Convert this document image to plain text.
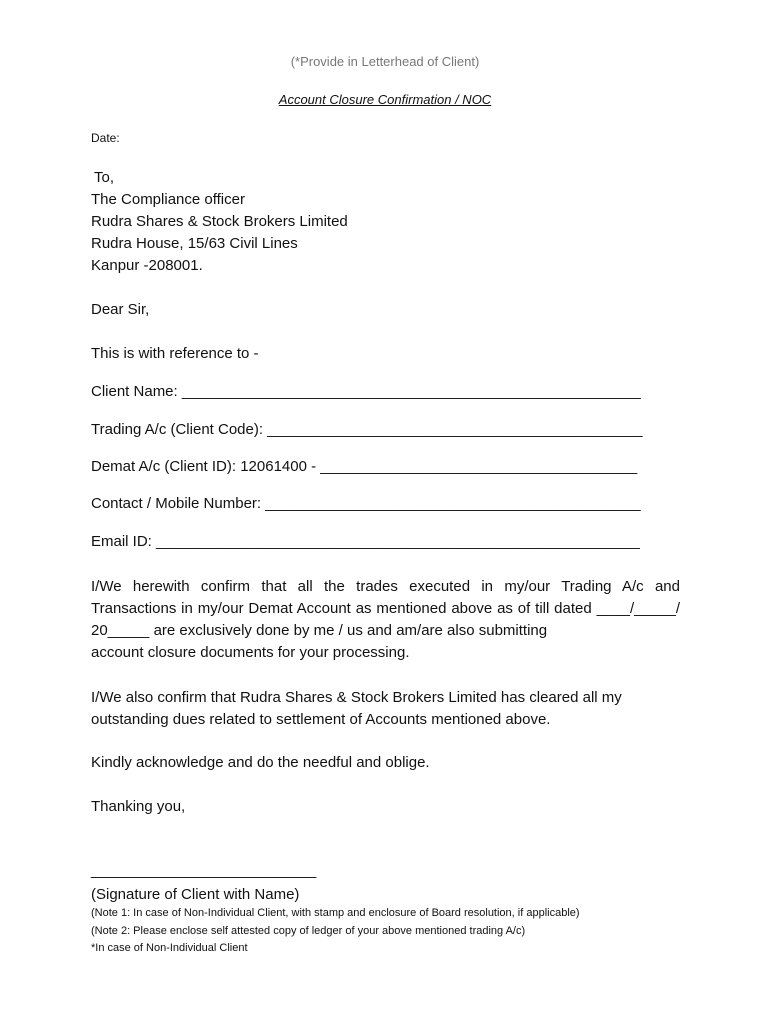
(*Provide in Letterhead of Client)
Account Closure Confirmation / NOC
Date:
To,
The Compliance officer
Rudra Shares & Stock Brokers Limited
Rudra House, 15/63 Civil Lines
Kanpur -208001.
Dear Sir,
This is with reference to -
Client Name: _______________________________________________________
Trading A/c (Client Code): _____________________________________________
Demat A/c (Client ID): 12061400 - ______________________________________
Contact / Mobile Number: _____________________________________________
Email ID: __________________________________________________________
I/We herewith confirm that all the trades executed in my/our Trading A/c and Transactions in my/our Demat Account as mentioned above as of till dated ____/_____/ 20_____ are exclusively done by me / us and am/are also submitting
account closure documents for your processing.
I/We also confirm that Rudra Shares & Stock Brokers Limited has cleared all my
outstanding dues related to settlement of Accounts mentioned above.
Kindly acknowledge and do the needful and oblige.
Thanking you,
___________________________
(Signature of Client with Name)
(Note 1: In case of Non-Individual Client, with stamp and enclosure of Board resolution, if applicable)
(Note 2: Please enclose self attested copy of ledger of your above mentioned trading A/c)
*In case of Non-Individual Client
